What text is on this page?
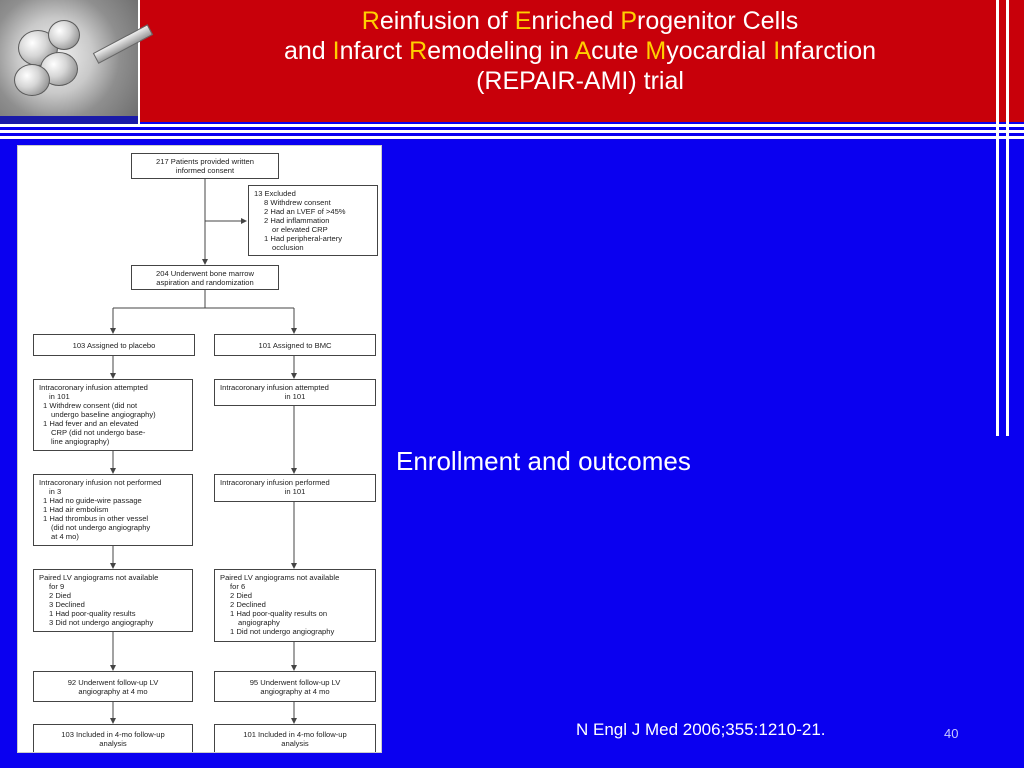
Reinfusion of Enriched Progenitor Cells
and Infarct Remodeling in Acute Myocardial Infarction
(REPAIR-AMI) trial
217 Patients provided written
informed consent
13 Excluded
8 Withdrew consent
2 Had an LVEF of >45%
2 Had inflammation
or elevated CRP
1 Had peripheral-artery
occlusion
204 Underwent bone marrow
aspiration and randomization
103 Assigned to placebo	101 Assigned to BMC
Intracoronary infusion attempted
in 101
1 Withdrew consent (did not
undergo baseline angiography)
1 Had fever and an elevated
CRP (did not undergo base-
line angiography)
Intracoronary infusion attempted
in 101
Intracoronary infusion not performed
in 3
1 Had no guide-wire passage
1 Had air embolism
1 Had thrombus in other vessel
(did not undergo angiography
at 4 mo)
Intracoronary infusion performed
in 101
Paired LV angiograms not available
for 9
2 Died
3 Declined
1 Had poor-quality results
3 Did not undergo angiography
Paired LV angiograms not available
for 6
2 Died
2 Declined
1 Had poor-quality results on
angiography
1 Did not undergo angiography
92 Underwent follow-up LV
angiography at 4 mo
95 Underwent follow-up LV
angiography at 4 mo
103 Included in 4-mo follow-up
analysis
101 Included in 4-mo follow-up
analysis
Enrollment and outcomes
N Engl J Med 2006;355:1210-21.	40
